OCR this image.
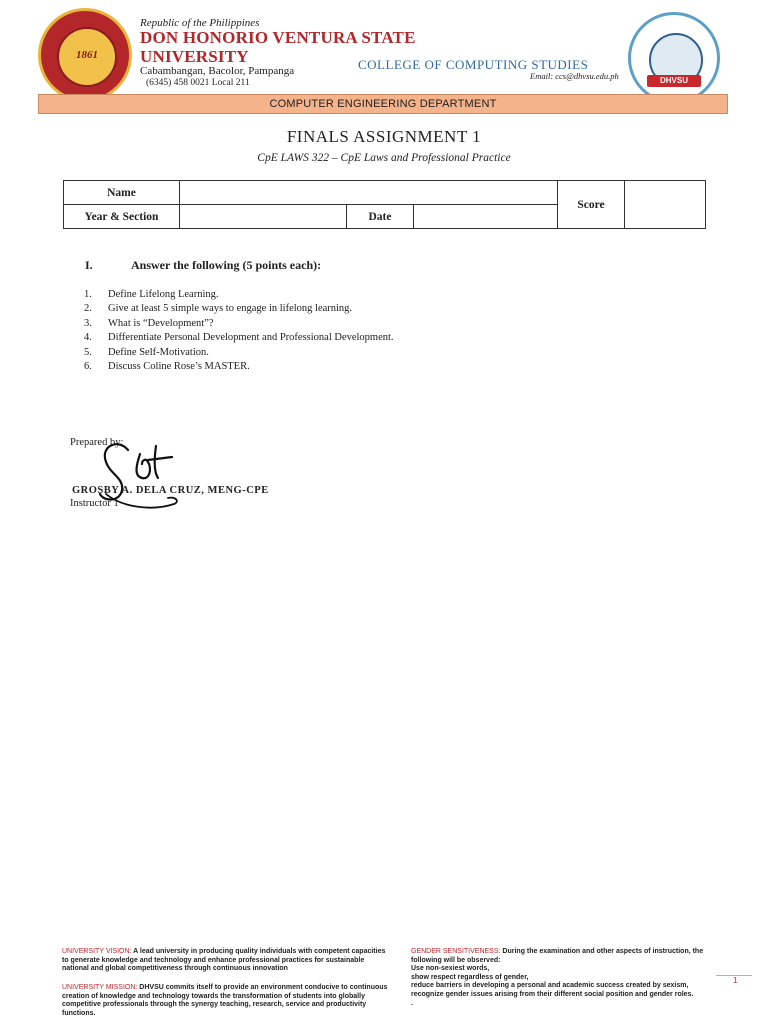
1861
DHVSU
Republic of the Philippines
DON HONORIO VENTURA STATE
UNIVERSITY
Cabambangan, Bacolor, Pampanga
(6345) 458 0021 Local 211
COLLEGE OF COMPUTING STUDIES
Email: ccs@dhvsu.edu.ph
COMPUTER ENGINEERING DEPARTMENT
FINALS ASSIGNMENT 1
CpE LAWS 322 – CpE Laws and Professional Practice
Name				Score	
Year & Section		Date			
I.	Answer the following (5 points each):
1. Define Lifelong Learning.
2. Give at least 5 simple ways to engage in lifelong learning.
3. What is “Development”?
4. Differentiate Personal Development and Professional Development.
5. Define Self-Motivation.
6. Discuss Coline Rose’s MASTER.
Prepared by:
GROSBY A. DELA CRUZ, MENG-CPE
Instructor 1
UNIVERSITY VISION: A lead university in producing quality individuals with competent capacities to generate knowledge and technology and enhance professional practices for sustainable national and global competitiveness through continuous innovation
UNIVERSITY MISSION: DHVSU commits itself to provide an environment conducive to continuous creation of knowledge and technology towards the transformation of students into globally competitive professionals through the synergy teaching, research, service and productivity functions.
GENDER SENSITIVENESS: During the examination and other aspects of instruction, the following will be observed:
Use non-sexiest words,
show respect regardless of gender,
reduce barriers in developing a personal and academic success created by sexism,
recognize gender issues arising from their different social position and gender roles.
.
1
